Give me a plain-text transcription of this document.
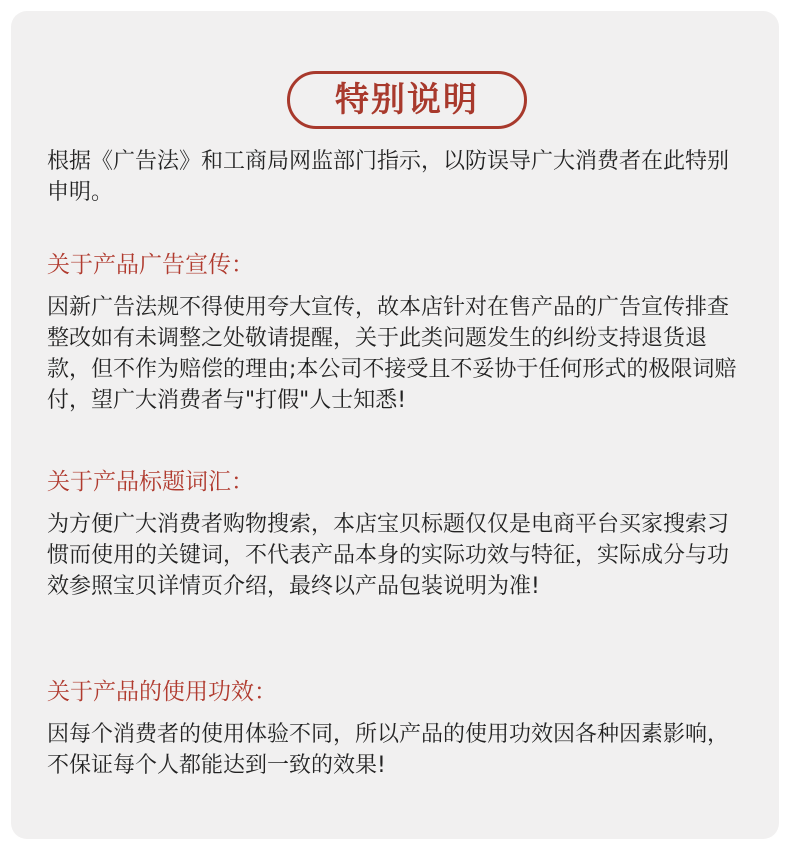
特别说明

根据《广告法》和工商局网监部门指示，以防误导广大消费者在此特别申明。

关于产品广告宣传：

因新广告法规不得使用夸大宣传，故本店针对在售产品的广告宣传排查整改如有未调整之处敬请提醒，关于此类问题发生的纠纷支持退货退款，但不作为赔偿的理由;本公司不接受且不妥协于任何形式的极限词赔付，望广大消费者与"打假"人士知悉!

关于产品标题词汇：

为方便广大消费者购物搜索，本店宝贝标题仅仅是电商平台买家搜索习惯而使用的关键词，不代表产品本身的实际功效与特征，实际成分与功效参照宝贝详情页介绍，最终以产品包装说明为准!

关于产品的使用功效：

因每个消费者的使用体验不同，所以产品的使用功效因各种因素影响，不保证每个人都能达到一致的效果!
